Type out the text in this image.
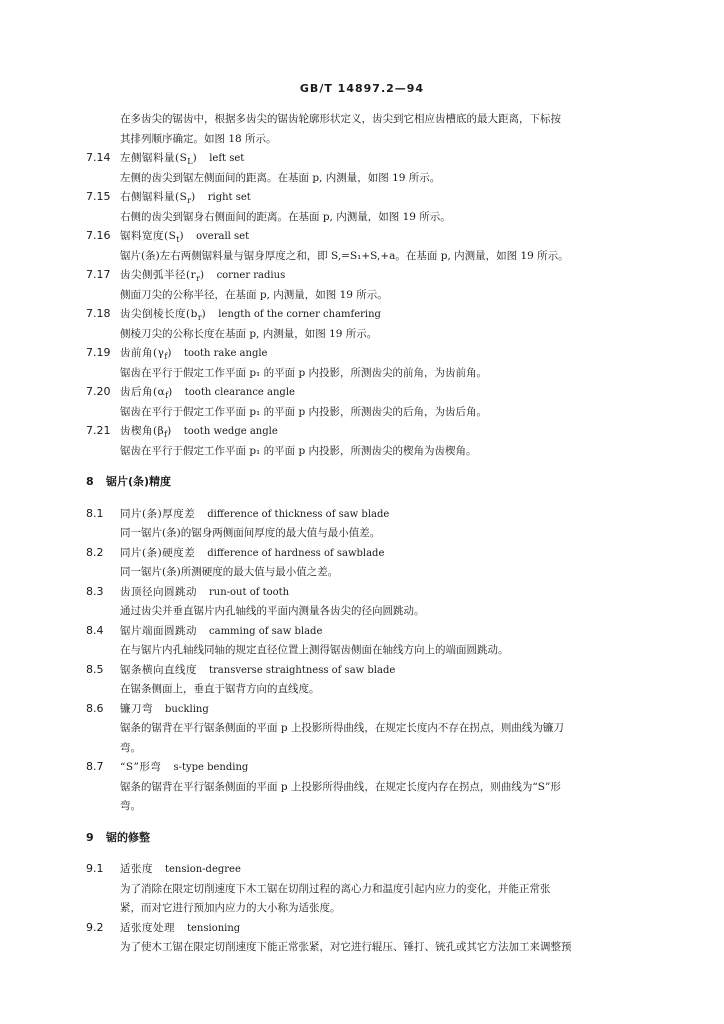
GB/T 14897.2—94
在多齿尖的锯齿中，根据多齿尖的锯齿轮廓形状定义，齿尖到它相应齿槽底的最大距离，下标按
其排列顺序确定。如图 18 所示。
7.14 左侧锯料量$(S_L)$ left set
左侧的齿尖到锯左侧面间的距离。在基面 p, 内测量，如图 19 所示。
7.15 右侧锯料量$(S_r)$ right set
右侧的齿尖到锯身右侧面间的距离。在基面 p, 内测量，如图 19 所示。
7.16 锯料宽度$(S_t)$ overall set
锯片(条)左右两侧锯料量与锯身厚度之和，即 S,=S₁+S,+a。在基面 p, 内测量，如图 19 所示。
7.17 齿尖侧弧半径$(r_r)$ corner radius
侧面刀尖的公称半径，在基面 p, 内测量，如图 19 所示。
7.18 齿尖倒棱长度$(b_r)$ length of the corner chamfering
侧棱刀尖的公称长度在基面 p, 内测量，如图 19 所示。
7.19 齿前角$(\gamma_f)$ tooth rake angle
锯齿在平行于假定工作平面 p₁ 的平面 p 内投影，所测齿尖的前角，为齿前角。
7.20 齿后角$(\alpha_f)$ tooth clearance angle
锯齿在平行于假定工作平面 p₁ 的平面 p 内投影，所测齿尖的后角，为齿后角。
7.21 齿楔角$(\beta_f)$ tooth wedge angle
锯齿在平行于假定工作平面 p₁ 的平面 p 内投影，所测齿尖的楔角为齿楔角。
8 锯片(条)精度
8.1	同片(条)厚度差 difference of thickness of saw blade
同一锯片(条)的锯身两侧面间厚度的最大值与最小值差。
8.2	同片(条)硬度差 difference of hardness of sawblade
同一锯片(条)所测硬度的最大值与最小值之差。
8.3	齿顶径向圆跳动 run-out of tooth
通过齿尖并垂直锯片内孔轴线的平面内测量各齿尖的径向圆跳动。
8.4	锯片端面圆跳动 camming of saw blade
在与锯片内孔轴线同轴的规定直径位置上测得锯齿侧面在轴线方向上的端面圆跳动。
8.5	锯条横向直线度 transverse straightness of saw blade
在锯条侧面上，垂直于锯背方向的直线度。
8.6	镰刀弯 buckling
锯条的锯背在平行锯条侧面的平面 p 上投影所得曲线，在规定长度内不存在拐点，则曲线为镰刀
弯。
8.7	“S”形弯 s-type bending
锯条的锯背在平行锯条侧面的平面 p 上投影所得曲线，在规定长度内存在拐点，则曲线为“S”形
弯。
9 锯的修整
9.1	适张度 tension-degree
为了消除在限定切削速度下木工锯在切削过程的离心力和温度引起内应力的变化，并能正常张
紧，而对它进行预加内应力的大小称为适张度。
9.2	适张度处理 tensioning
为了使木工锯在限定切削速度下能正常张紧，对它进行辊压、锤打、铳孔或其它方法加工来调整预
